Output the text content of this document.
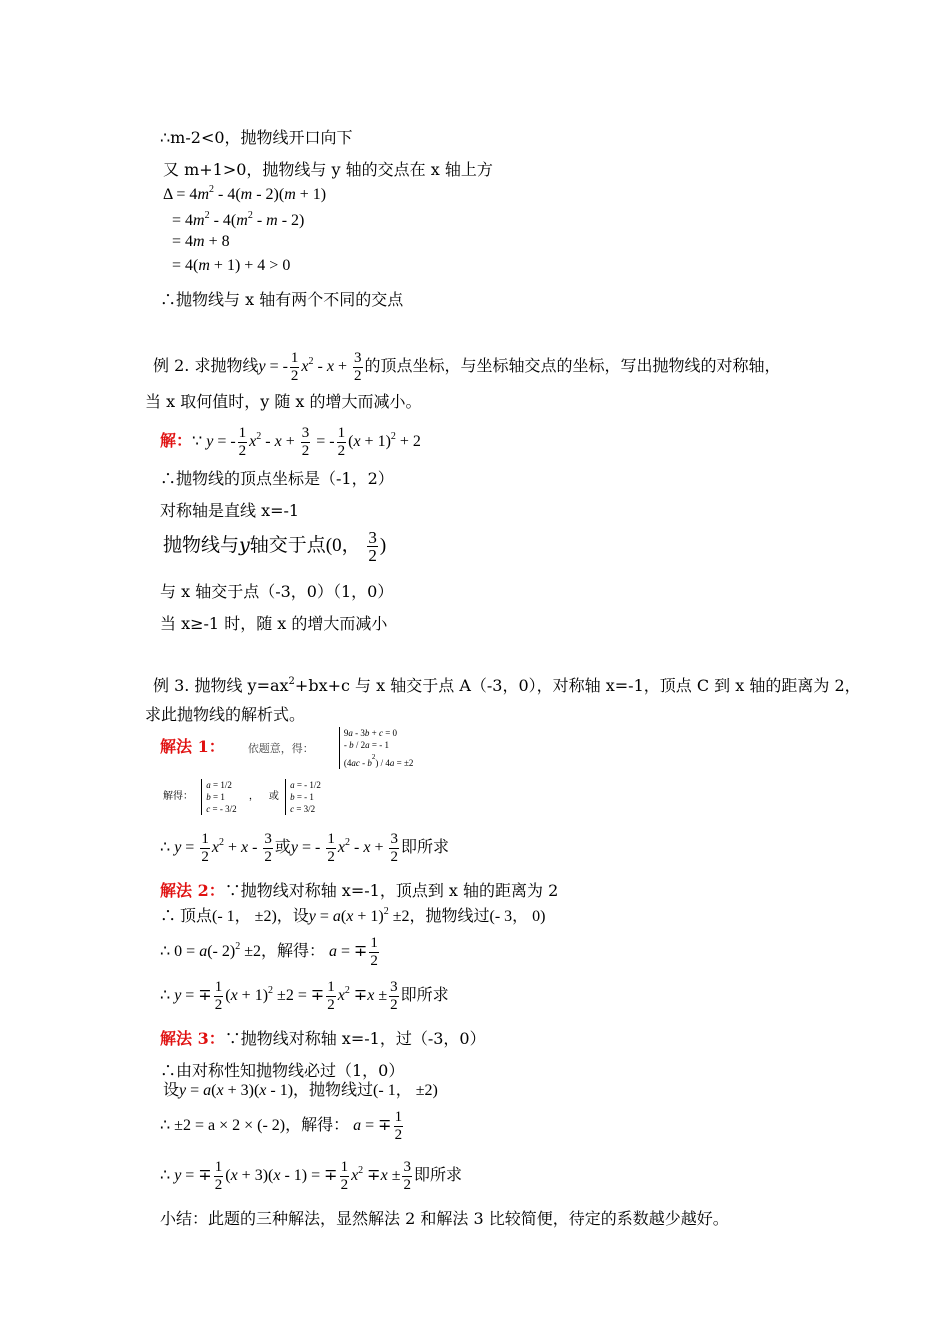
∴m-2<0，抛物线开口向下
又 m+1>0，抛物线与 y 轴的交点在 x 轴上方
$\Delta = 4m^2 - 4(m - 2)(m + 1)$
= $4m^2 - 4(m^2$ - m - 2)
= 4m + 8
= 4(m + 1) + 4 > 0
∴抛物线与 x 轴有两个不同的交点
例 2. 求抛物线y = - $\frac{1}{2} x^2 - x + \frac{3}{2}$ 的顶点坐标，与坐标轴交点的坐标，写出抛物线的对称轴，
当 x 取何值时，y 随 x 的增大而减小。
解：∵ y = - $\frac{1}{2} x^2 - x + \frac{3}{2}$ = - $\frac{1}{2} (x + 1)^2 + 2$
∴抛物线的顶点坐标是（-1，2）
对称轴是直线 x=-1
抛物线与y轴交于点(0， $\frac{3}{2}$ )
与 x 轴交于点（-3，0）（1，0）
当 x≥-1 时，随 x 的增大而减小
例 3. 抛物线 $y=ax^2+bx+c$ 与 x 轴交于点 A（-3，0），对称轴 x=-1，顶点 C 到 x 轴的距离为 2，
求此抛物线的解析式。
解法 1： 依题意，得： 9a - 3b + c = 0
- b / 2a = - 1
$(4ac - b^2) / 4a = \pm 2$
解得： a = 1/2
b = 1
c = - 3/2 ， 或 a = - 1/2
b = - 1
c = 3/2
∴ $y = \frac{1}{2} x^2 + x - \frac{3}{2}$ 或y = - $\frac{1}{2} x^2 - x + \frac{3}{2}$ 即所求
解法 2：∵抛物线对称轴 x=-1，顶点到 x 轴的距离为 2
∴ 顶点(- 1， ±2)，设$y = a(x + 1)^2 \pm 2$，抛物线过(- 3， 0)
∴ 0 = a(- 2)$^2$ ±2，解得： a = ∓ $\frac{1}{2}$
∴ y = ∓ $\frac{1}{2} (x + 1)^2 \pm 2$ = ∓ $\frac{1}{2} x^2 \mp x \pm \frac{3}{2}$ 即所求
解法 3：∵抛物线对称轴 x=-1，过（-3，0）
∴由对称性知抛物线必过（1，0）
设y = a(x + 3)(x - 1)，抛物线过(- 1， ±2)
∴ ±2 = a × 2 × (- 2)，解得： a = ∓ $\frac{1}{2}$
∴ y = ∓ $\frac{1}{2} (x + 3)(x - 1)$ = ∓ $\frac{1}{2} x^2 \mp x \pm \frac{3}{2}$ 即所求
小结：此题的三种解法，显然解法 2 和解法 3 比较简便，待定的系数越少越好。
